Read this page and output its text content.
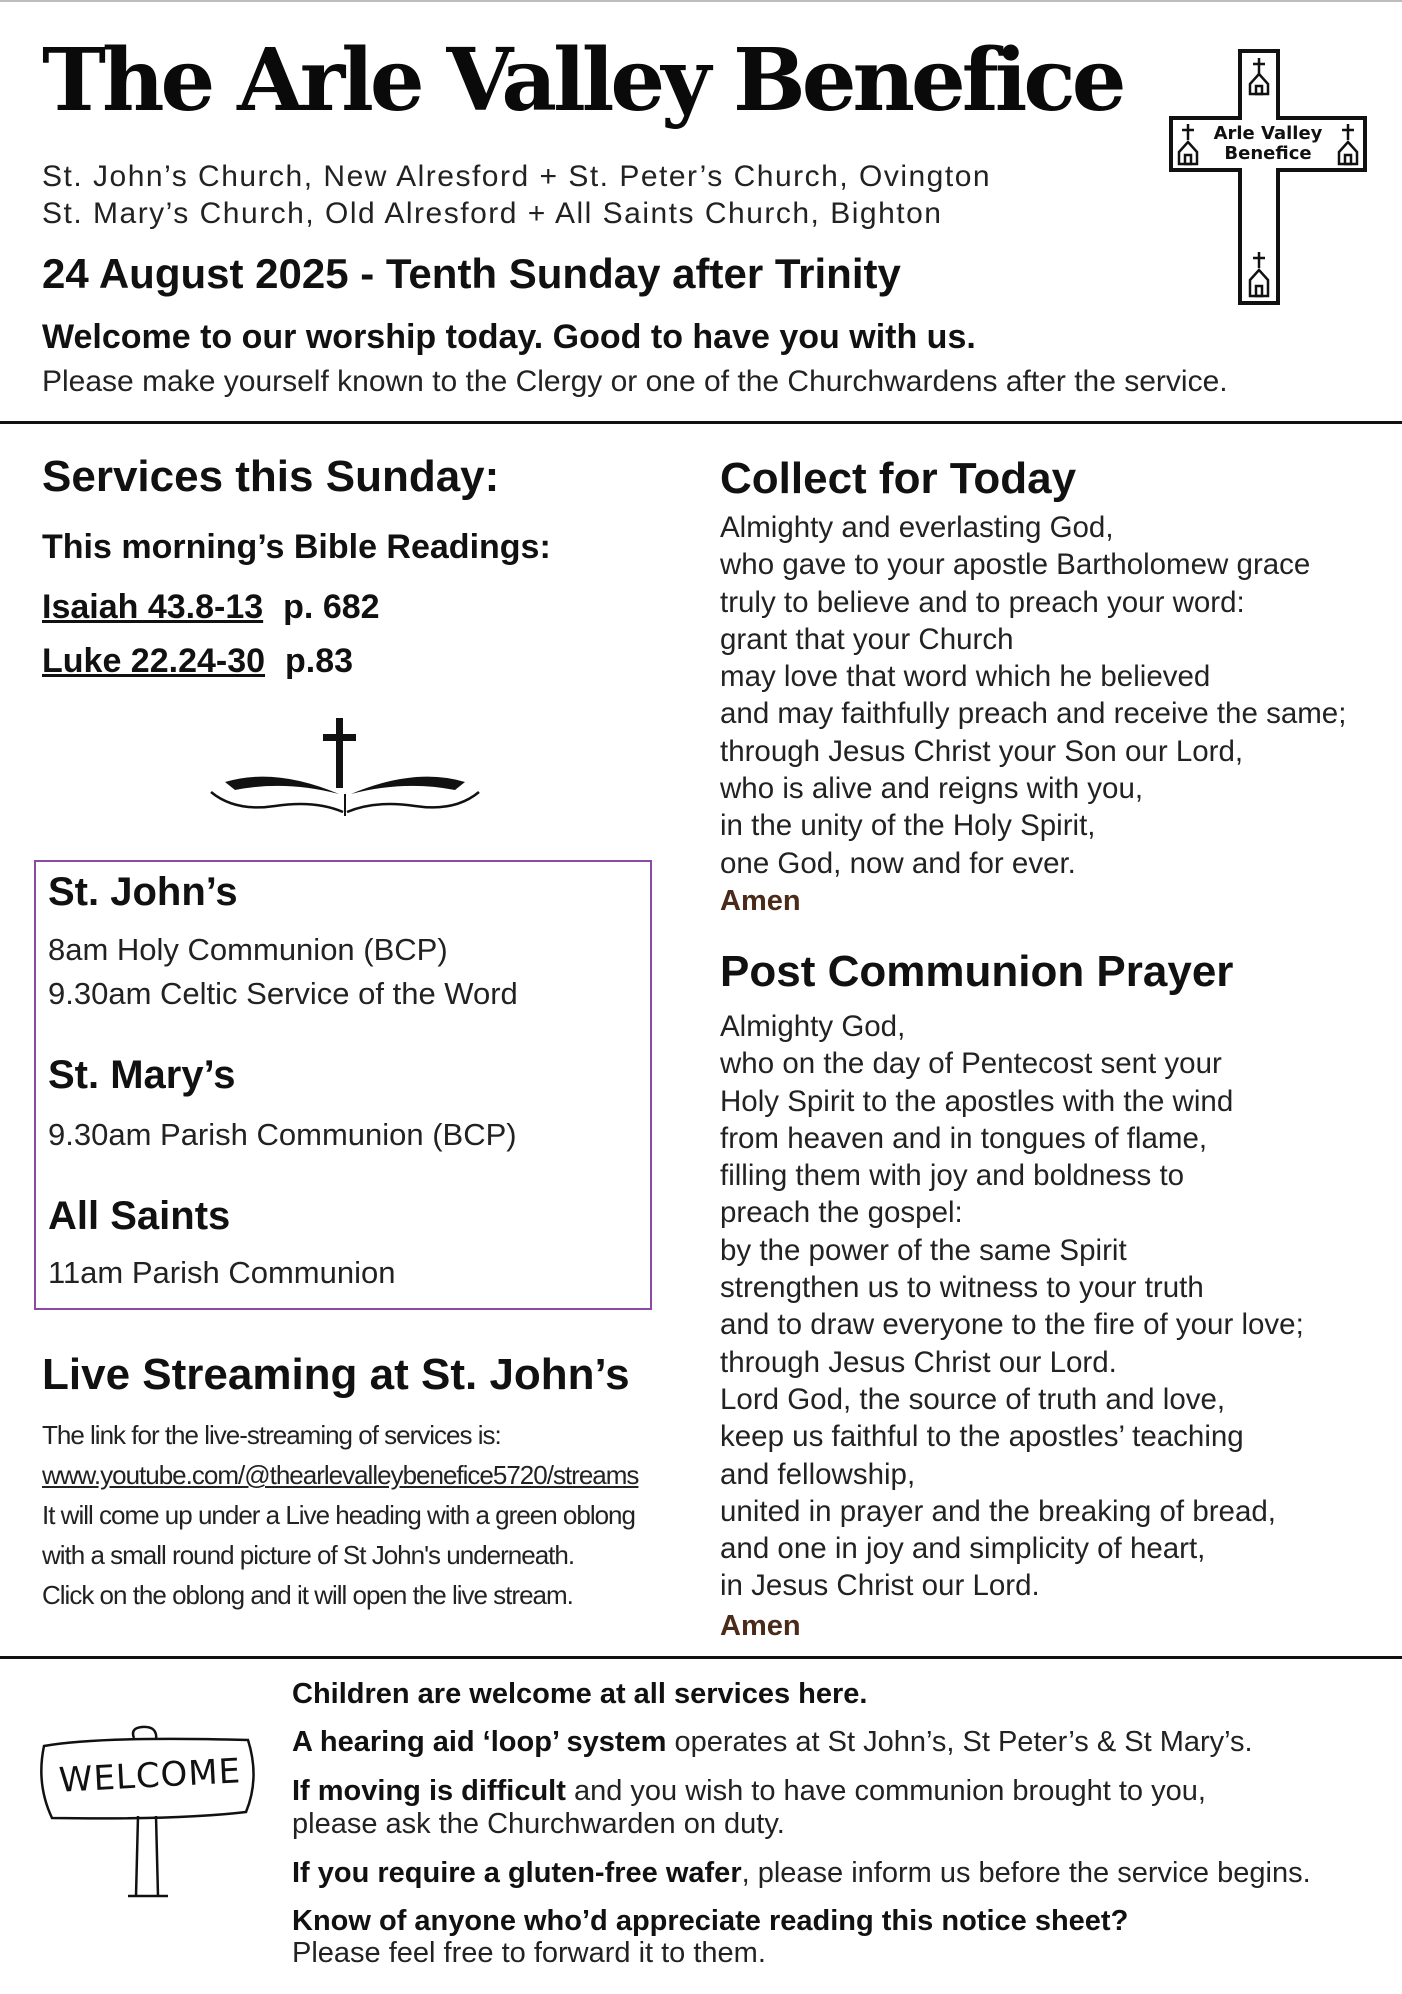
The Arle Valley Benefice
St. John’s Church, New Alresford + St. Peter’s Church, Ovington
St. Mary’s Church, Old Alresford + All Saints Church, Bighton
24 August 2025 - Tenth Sunday after Trinity
Welcome to our worship today. Good to have you with us.
Please make yourself known to the Clergy or one of the Churchwardens after the service.
Arle Valley
Benefice
Services this Sunday:
This morning’s Bible Readings:
Isaiah 43.8-13 p. 682
Luke 22.24-30 p.83
St. John’s
8am Holy Communion (BCP)
9.30am Celtic Service of the Word
St. Mary’s
9.30am Parish Communion (BCP)
All Saints
11am Parish Communion
Live Streaming at St. John’s
The link for the live-streaming of services is:
www.youtube.com/@thearlevalleybenefice5720/streams
It will come up under a Live heading with a green oblong
with a small round picture of St John's underneath.
Click on the oblong and it will open the live stream.
Collect for Today
Almighty and everlasting God,
who gave to your apostle Bartholomew grace
truly to believe and to preach your word:
grant that your Church
may love that word which he believed
and may faithfully preach and receive the same;
through Jesus Christ your Son our Lord,
who is alive and reigns with you,
in the unity of the Holy Spirit,
one God, now and for ever.
Amen
Post Communion Prayer
Almighty God,
who on the day of Pentecost sent your
Holy Spirit to the apostles with the wind
from heaven and in tongues of flame,
filling them with joy and boldness to
preach the gospel:
by the power of the same Spirit
strengthen us to witness to your truth
and to draw everyone to the fire of your love;
through Jesus Christ our Lord.
Lord God, the source of truth and love,
keep us faithful to the apostles’ teaching
and fellowship,
united in prayer and the breaking of bread,
and one in joy and simplicity of heart,
in Jesus Christ our Lord.
Amen
WELCOME
Children are welcome at all services here.
A hearing aid ‘loop’ system operates at St John’s, St Peter’s & St Mary’s.
If moving is difficult and you wish to have communion brought to you,
please ask the Churchwarden on duty.
If you require a gluten-free wafer, please inform us before the service begins.
Know of anyone who’d appreciate reading this notice sheet?
Please feel free to forward it to them.
